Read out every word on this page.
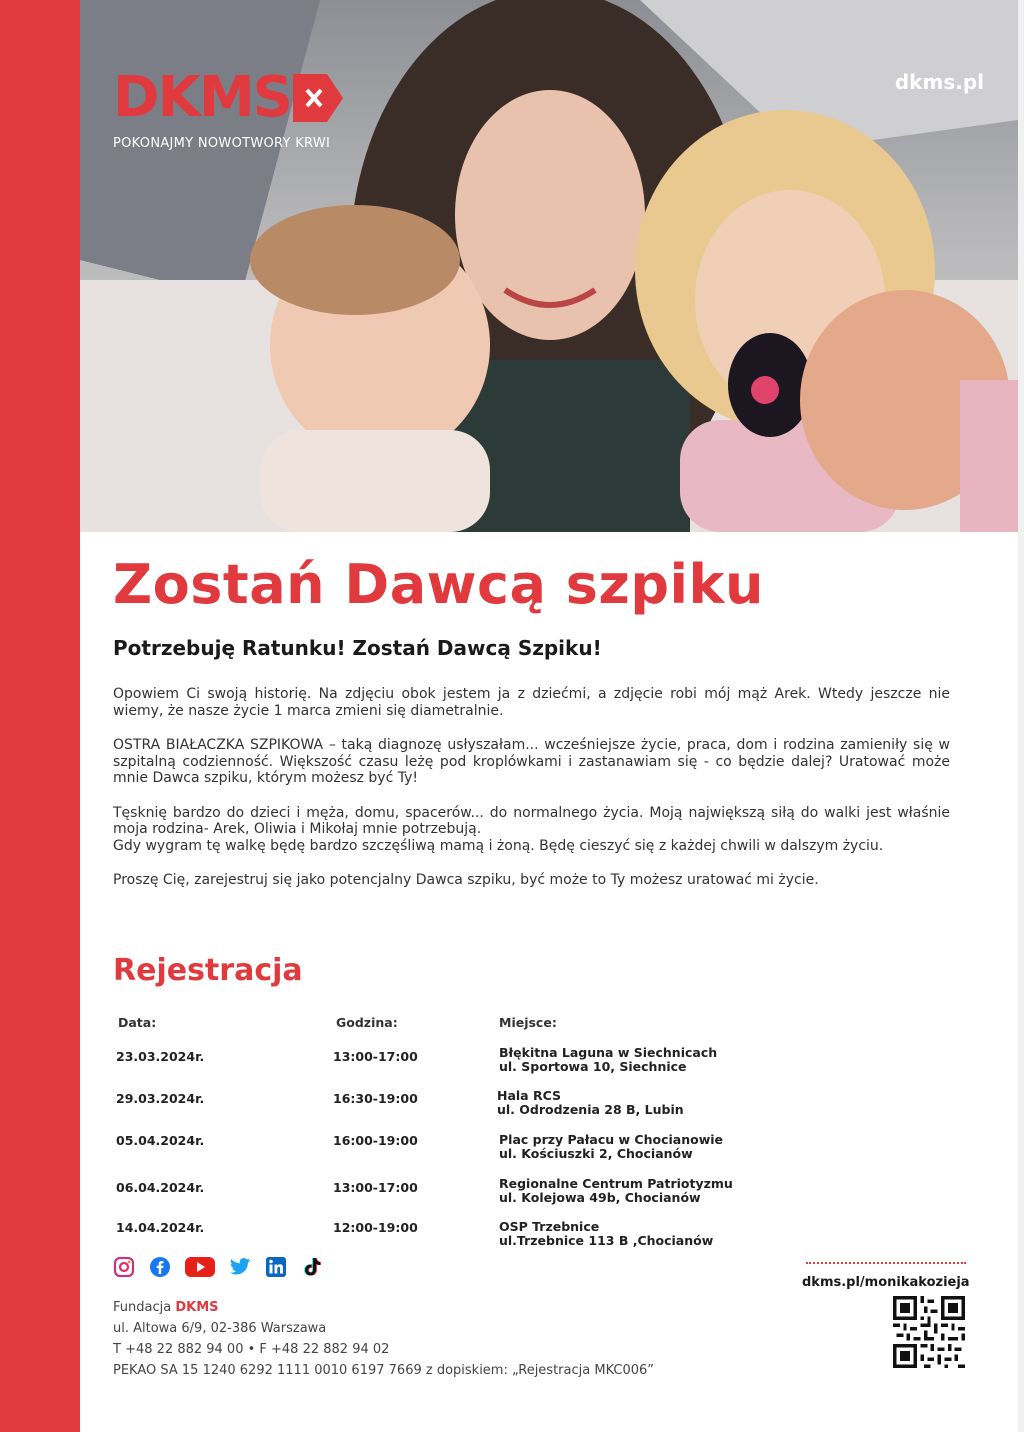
DKMS
POKONAJMY NOWOTWORY KRWI
dkms.pl
Zostań Dawcą szpiku
Potrzebuję Ratunku! Zostań Dawcą Szpiku!

Opowiem Ci swoją historię. Na zdjęciu obok jestem ja z dziećmi, a zdjęcie robi mój mąż Arek. Wtedy jeszcze nie wiemy, że nasze życie 1 marca zmieni się diametralnie.

OSTRA BIAŁACZKA SZPIKOWA – taką diagnozę usłyszałam... wcześniejsze życie, praca, dom i rodzina zamieniły się w szpitalną codzienność. Większość czasu leżę pod kroplówkami i zastanawiam się - co będzie dalej? Uratować może mnie Dawca szpiku, którym możesz być Ty!

Tęsknię bardzo do dzieci i męża, domu, spacerów... do normalnego życia. Moją największą siłą do walki jest właśnie moja rodzina- Arek, Oliwia i Mikołaj mnie potrzebują.
Gdy wygram tę walkę będę bardzo szczęśliwą mamą i żoną. Będę cieszyć się z każdej chwili w dalszym życiu.

Proszę Cię, zarejestruj się jako potencjalny Dawca szpiku, być może to Ty możesz uratować mi życie.

Rejestracja
Data:	Godzina:	Miejsce:
23.03.2024r.	13:00-17:00	Błękitna Laguna w Siechnicach
ul. Sportowa 10, Siechnice
29.03.2024r.	16:30-19:00	Hala RCS
ul. Odrodzenia 28 B, Lubin
05.04.2024r.	16:00-19:00	Plac przy Pałacu w Chocianowie
ul. Kościuszki 2, Chocianów
06.04.2024r.	13:00-17:00	Regionalne Centrum Patriotyzmu
ul. Kolejowa 49b, Chocianów
14.04.2024r.	12:00-19:00	OSP Trzebnice
ul.Trzebnice 113 B ,Chocianów
Fundacja DKMS
ul. Altowa 6/9, 02-386 Warszawa
T +48 22 882 94 00 • F +48 22 882 94 02
PEKAO SA 15 1240 6292 1111 0010 6197 7669 z dopiskiem: „Rejestracja MKC006”
dkms.pl/monikakozieja
